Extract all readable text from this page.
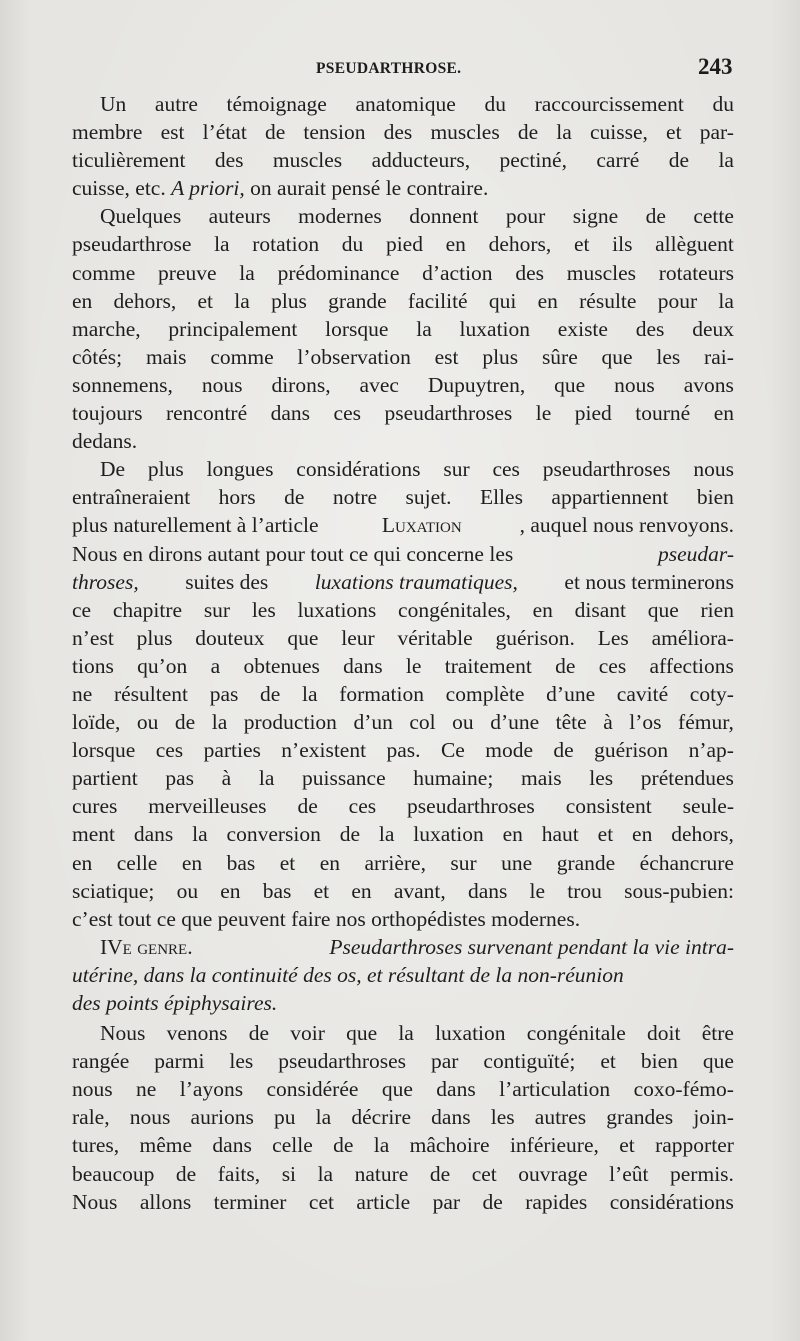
PSEUDARTHROSE.	243
Un autre témoignage anatomique du raccourcissement du
membre est l’état de tension des muscles de la cuisse, et par-
ticulièrement des muscles adducteurs, pectiné, carré de la
cuisse, etc. A priori, on aurait pensé le contraire.
Quelques auteurs modernes donnent pour signe de cette
pseudarthrose la rotation du pied en dehors, et ils allèguent
comme preuve la prédominance d’action des muscles rotateurs
en dehors, et la plus grande facilité qui en résulte pour la
marche, principalement lorsque la luxation existe des deux
côtés; mais comme l’observation est plus sûre que les rai-
sonnemens, nous dirons, avec Dupuytren, que nous avons
toujours rencontré dans ces pseudarthroses le pied tourné en
dedans.
De plus longues considérations sur ces pseudarthroses nous
entraîneraient hors de notre sujet. Elles appartiennent bien
plus naturellement à l’article	Luxation	, auquel nous renvoyons.
Nous en dirons autant pour tout ce qui concerne les	pseudar-
throses, suites des luxations traumatiques, et nous terminerons
ce chapitre sur les luxations congénitales, en disant que rien
n’est plus douteux que leur véritable guérison. Les améliora-
tions qu’on a obtenues dans le traitement de ces affections
ne résultent pas de la formation complète d’une cavité coty-
loïde, ou de la production d’un col ou d’une tête à l’os fémur,
lorsque ces parties n’existent pas. Ce mode de guérison n’ap-
partient pas à la puissance humaine; mais les prétendues
cures merveilleuses de ces pseudarthroses consistent seule-
ment dans la conversion de la luxation en haut et en dehors,
en celle en bas et en arrière, sur une grande échancrure
sciatique; ou en bas et en avant, dans le trou sous-pubien:
c’est tout ce que peuvent faire nos orthopédistes modernes.
IVe genre.	Pseudarthroses survenant pendant la vie intra-
utérine, dans la continuité des os, et résultant de la non-réunion
des points épiphysaires.
Nous venons de voir que la luxation congénitale doit être
rangée parmi les pseudarthroses par contiguïté; et bien que
nous ne l’ayons considérée que dans l’articulation coxo-fémo-
rale, nous aurions pu la décrire dans les autres grandes join-
tures, même dans celle de la mâchoire inférieure, et rapporter
beaucoup de faits, si la nature de cet ouvrage l’eût permis.
Nous allons terminer cet article par de rapides considérations
